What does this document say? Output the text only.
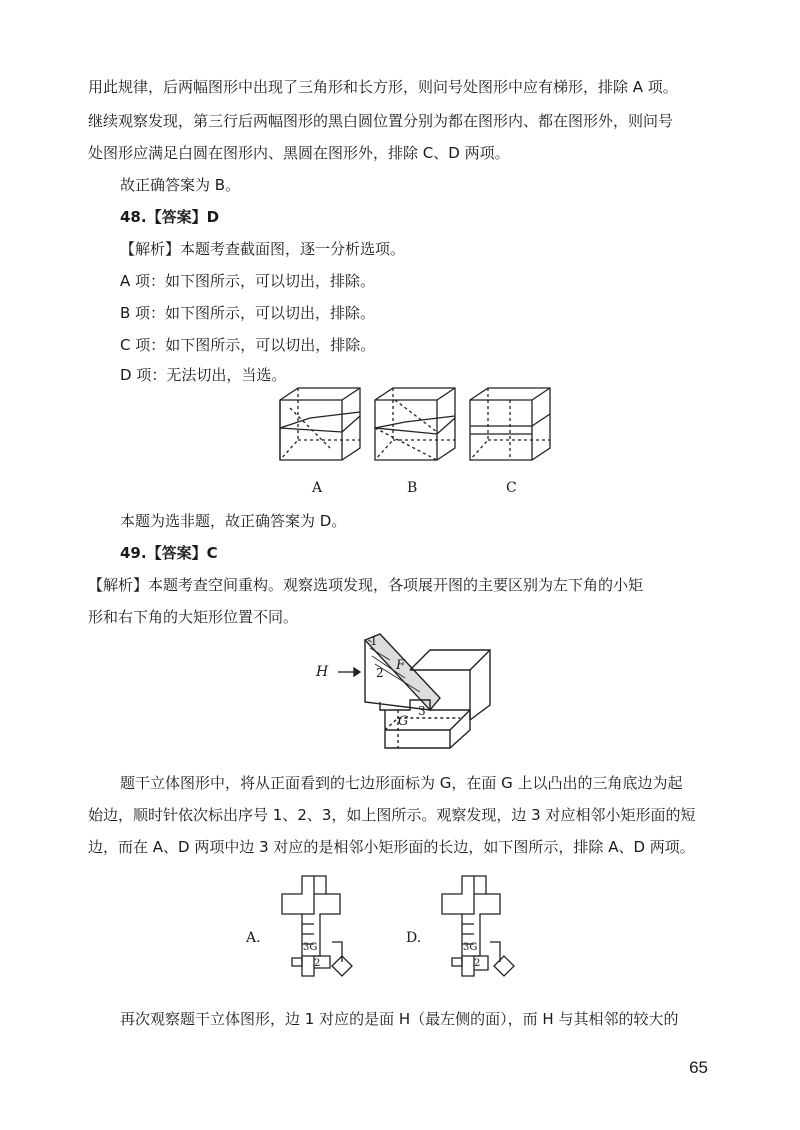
用此规律，后两幅图形中出现了三角形和长方形，则问号处图形中应有梯形，排除 A 项。
继续观察发现，第三行后两幅图形的黑白圆位置分别为都在图形内、都在图形外，则问号
处图形应满足白圆在图形内、黑圆在图形外，排除 C、D 两项。
故正确答案为 B。
48.【答案】D
【解析】本题考查截面图，逐一分析选项。
A 项：如下图所示，可以切出，排除。
B 项：如下图所示，可以切出，排除。
C 项：如下图所示，可以切出，排除。
D 项：无法切出，当选。
A	B	C
本题为选非题，故正确答案为 D。
49.【答案】C
【解析】本题考查空间重构。观察选项发现，各项展开图的主要区别为左下角的小矩
形和右下角的大矩形位置不同。
H
1
2 F
G
3
题干立体图形中，将从正面看到的七边形面标为 G，在面 G 上以凸出的三角底边为起
始边，顺时针依次标出序号 1、2、3，如上图所示。观察发现，边 3 对应相邻小矩形面的短
边，而在 A、D 两项中边 3 对应的是相邻小矩形面的长边，如下图所示，排除 A、D 两项。
A.	D.
3G
2
3G
2
再次观察题干立体图形，边 1 对应的是面 H（最左侧的面），而 H 与其相邻的较大的
65
